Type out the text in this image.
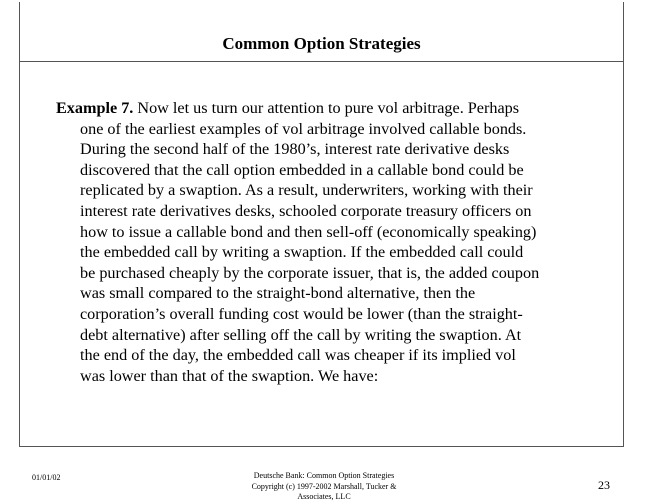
Common Option Strategies
Example 7. Now let us turn our attention to pure vol arbitrage. Perhaps
one of the earliest examples of vol arbitrage involved callable bonds.
During the second half of the 1980’s, interest rate derivative desks
discovered that the call option embedded in a callable bond could be
replicated by a swaption. As a result, underwriters, working with their
interest rate derivatives desks, schooled corporate treasury officers on
how to issue a callable bond and then sell-off (economically speaking)
the embedded call by writing a swaption. If the embedded call could
be purchased cheaply by the corporate issuer, that is, the added coupon
was small compared to the straight-bond alternative, then the
corporation’s overall funding cost would be lower (than the straight-
debt alternative) after selling off the call by writing the swaption. At
the end of the day, the embedded call was cheaper if its implied vol
was lower than that of the swaption. We have:
01/01/02	Deutsche Bank: Common Option Strategies
Copyright (c) 1997-2002 Marshall, Tucker &
Associates, LLC
23
